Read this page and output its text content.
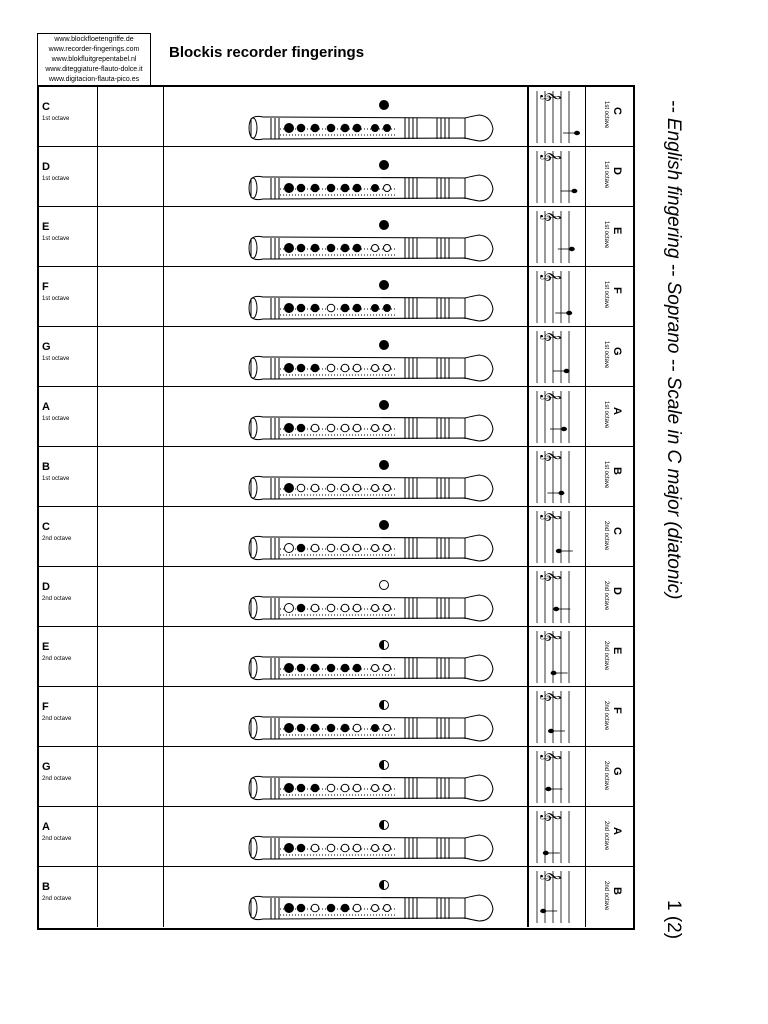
www.blockfloetengriffe.de
www.recorder-fingerings.com
www.blokfluitgrepentabel.nl
www.diteggiature-flauto-dolce.it
www.digitacion-flauta-pico.es
Blockis recorder fingerings
-- English fingering -- Soprano -- Scale in C major (diatonic)
1 (2)
C
1st octave
𝄞
1st octave C
D
1st octave
𝄞
1st octave D
E
1st octave
𝄞
1st octave E
F
1st octave
𝄞
1st octave F
G
1st octave
𝄞
1st octave G
A
1st octave
𝄞
1st octave A
B
1st octave
𝄞
1st octave B
C
2nd octave
𝄞
2nd octave C
D
2nd octave
𝄞
2nd octave D
E
2nd octave
𝄞
2nd octave E
F
2nd octave
𝄞
2nd octave F
G
2nd octave
𝄞
2nd octave G
A
2nd octave
𝄞
2nd octave A
B
2nd octave
𝄞
2nd octave B
